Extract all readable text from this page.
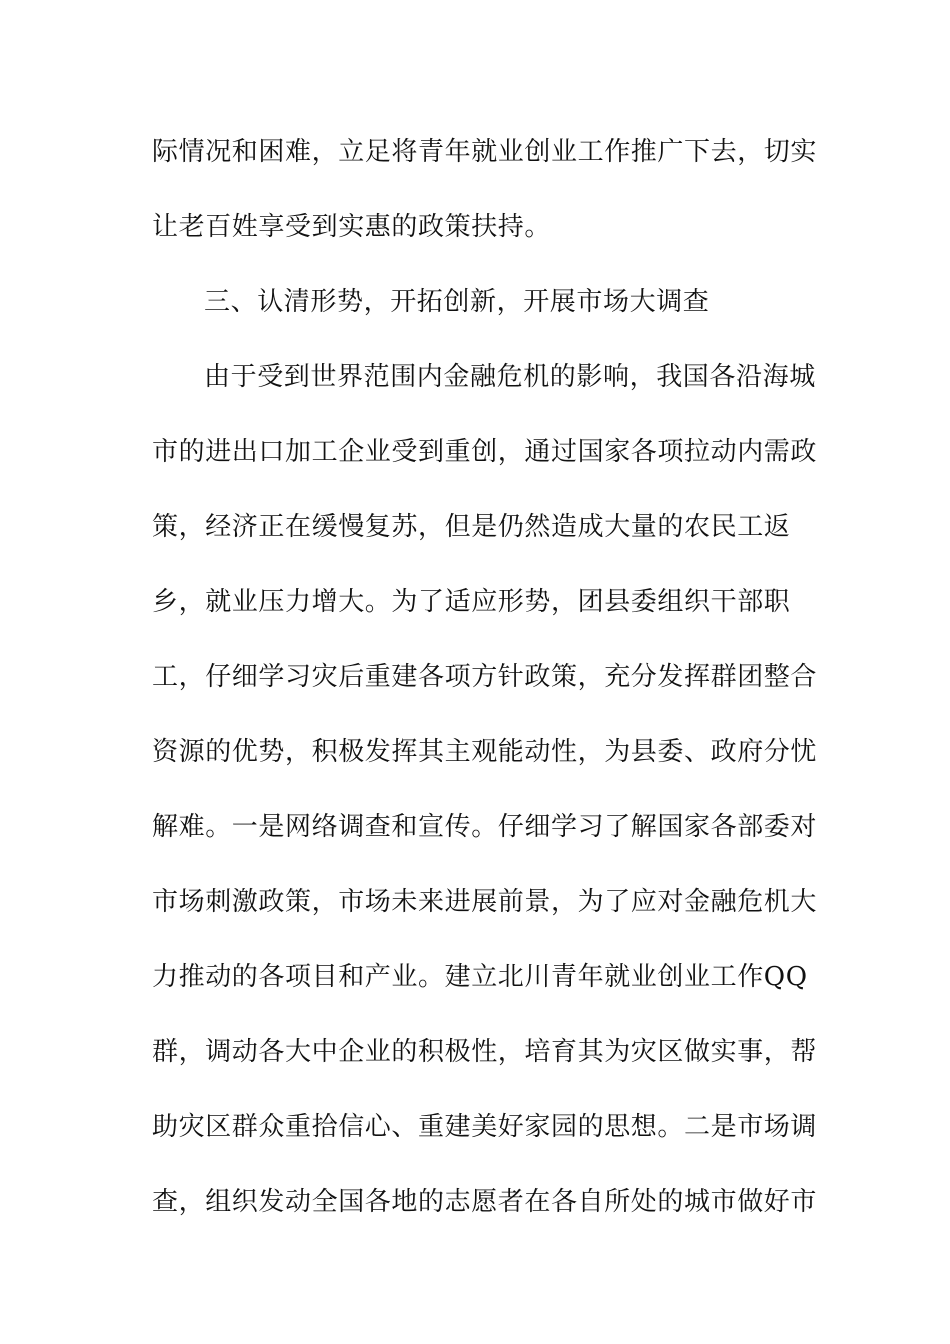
际情况和困难，立足将青年就业创业工作推广下去，切实
让老百姓享受到实惠的政策扶持。
三、认清形势，开拓创新，开展市场大调查
由于受到世界范围内金融危机的影响，我国各沿海城
市的进出口加工企业受到重创，通过国家各项拉动内需政
策，经济正在缓慢复苏，但是仍然造成大量的农民工返
乡，就业压力增大。为了适应形势，团县委组织干部职
工，仔细学习灾后重建各项方针政策，充分发挥群团整合
资源的优势，积极发挥其主观能动性，为县委、政府分忧
解难。一是网络调查和宣传。仔细学习了解国家各部委对
市场刺激政策，市场未来进展前景，为了应对金融危机大
力推动的各项目和产业。建立北川青年就业创业工作QQ
群，调动各大中企业的积极性，培育其为灾区做实事，帮
助灾区群众重拾信心、重建美好家园的思想。二是市场调
查，组织发动全国各地的志愿者在各自所处的城市做好市
